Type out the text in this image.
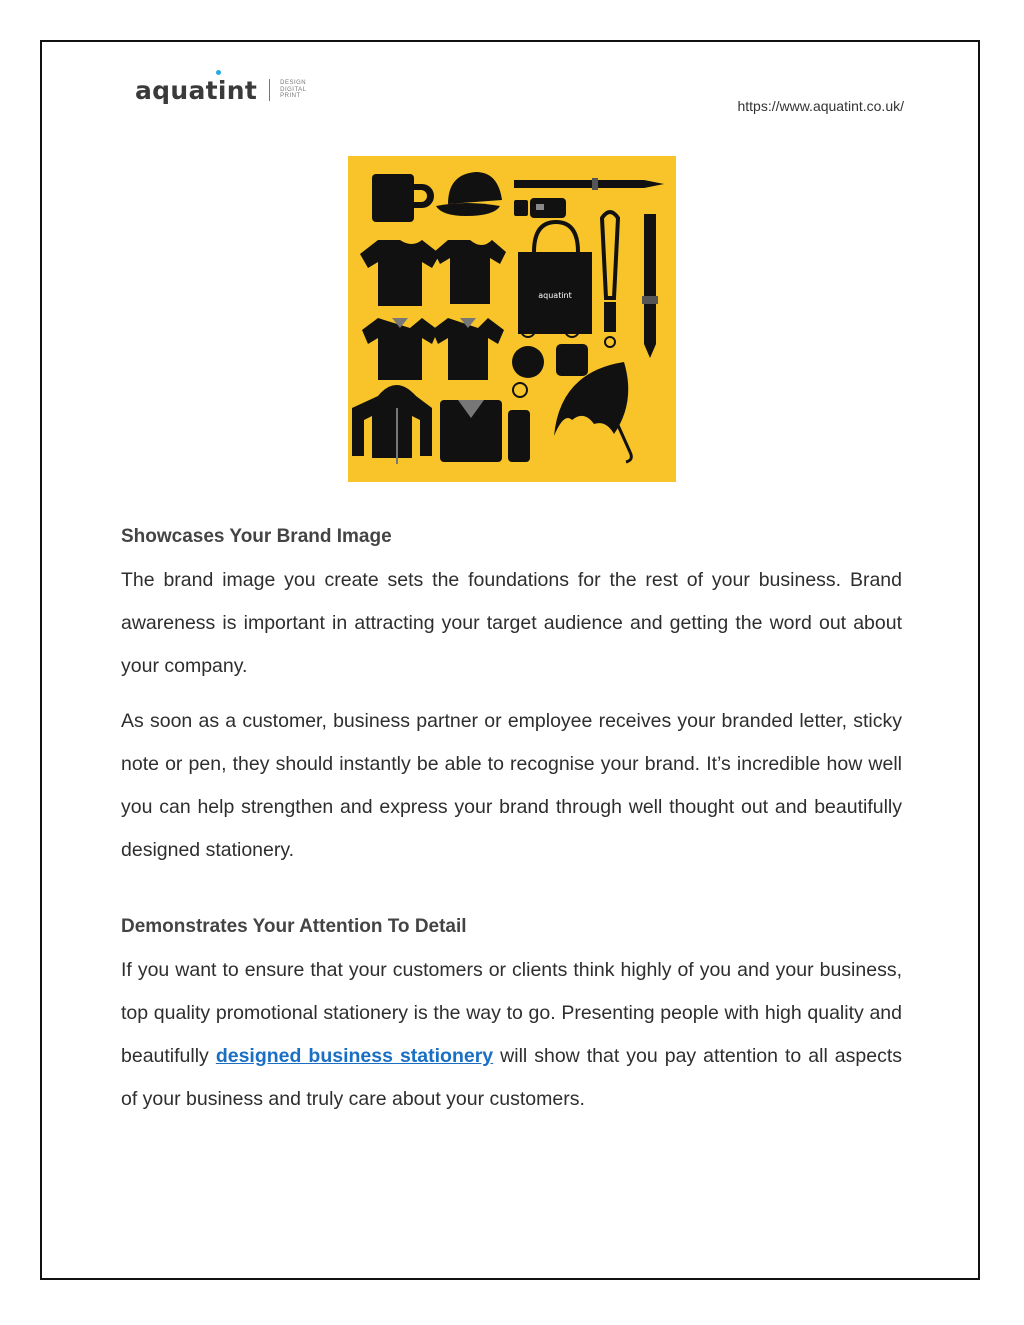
aquatint	DESIGN
DIGITAL
PRINT
https://www.aquatint.co.uk/
aquatint
Showcases Your Brand Image

The brand image you create sets the foundations for the rest of your business. Brand awareness is important in attracting your target audience and getting the word out about your company.

As soon as a customer, business partner or employee receives your branded letter, sticky note or pen, they should instantly be able to recognise your brand. It’s incredible how well you can help strengthen and express your brand through well thought out and beautifully designed stationery.

Demonstrates Your Attention To Detail

If you want to ensure that your customers or clients think highly of you and your business, top quality promotional stationery is the way to go. Presenting people with high quality and beautifully designed business stationery will show that you pay attention to all aspects of your business and truly care about your customers.
